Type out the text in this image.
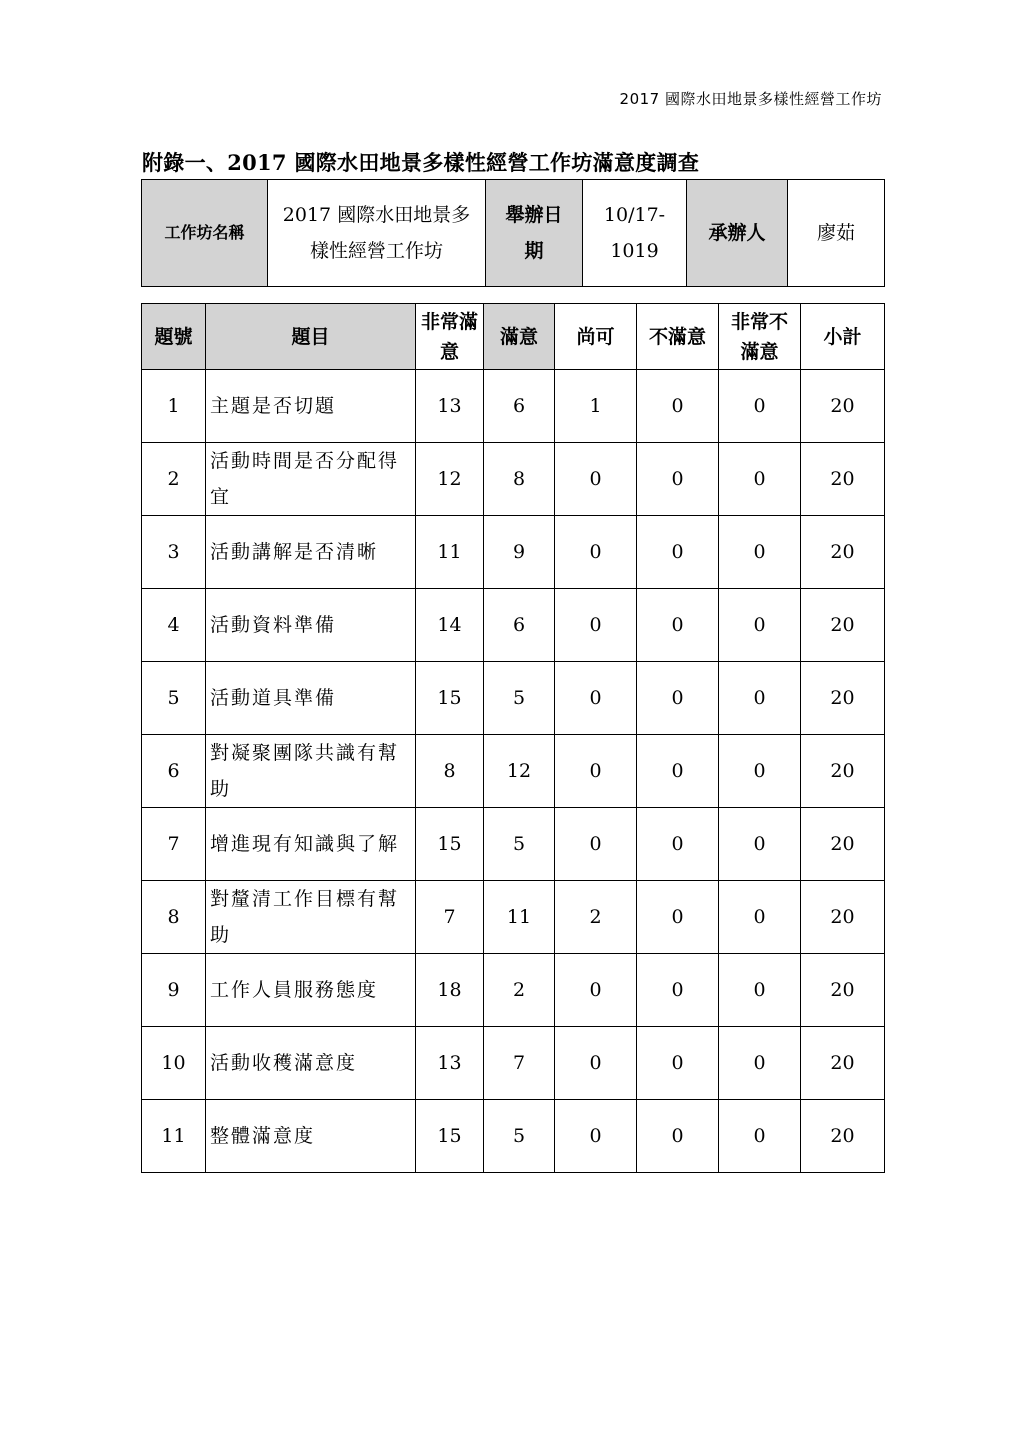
2017 國際水田地景多樣性經營工作坊
附錄一、2017 國際水田地景多樣性經營工作坊滿意度調查
工作坊名稱	2017 國際水田地景多樣性經營工作坊	舉辦日期	10/17-1019	承辦人	廖茹
題號	題目	非常滿意	滿意	尚可	不滿意	非常不滿意	小計
1	主題是否切題	13	6	1	0	0	20
2	活動時間是否分配得宜	12	8	0	0	0	20
3	活動講解是否清晰	11	9	0	0	0	20
4	活動資料準備	14	6	0	0	0	20
5	活動道具準備	15	5	0	0	0	20
6	對凝聚團隊共識有幫助	8	12	0	0	0	20
7	增進現有知識與了解	15	5	0	0	0	20
8	對釐清工作目標有幫助	7	11	2	0	0	20
9	工作人員服務態度	18	2	0	0	0	20
10	活動收穫滿意度	13	7	0	0	0	20
11	整體滿意度	15	5	0	0	0	20
